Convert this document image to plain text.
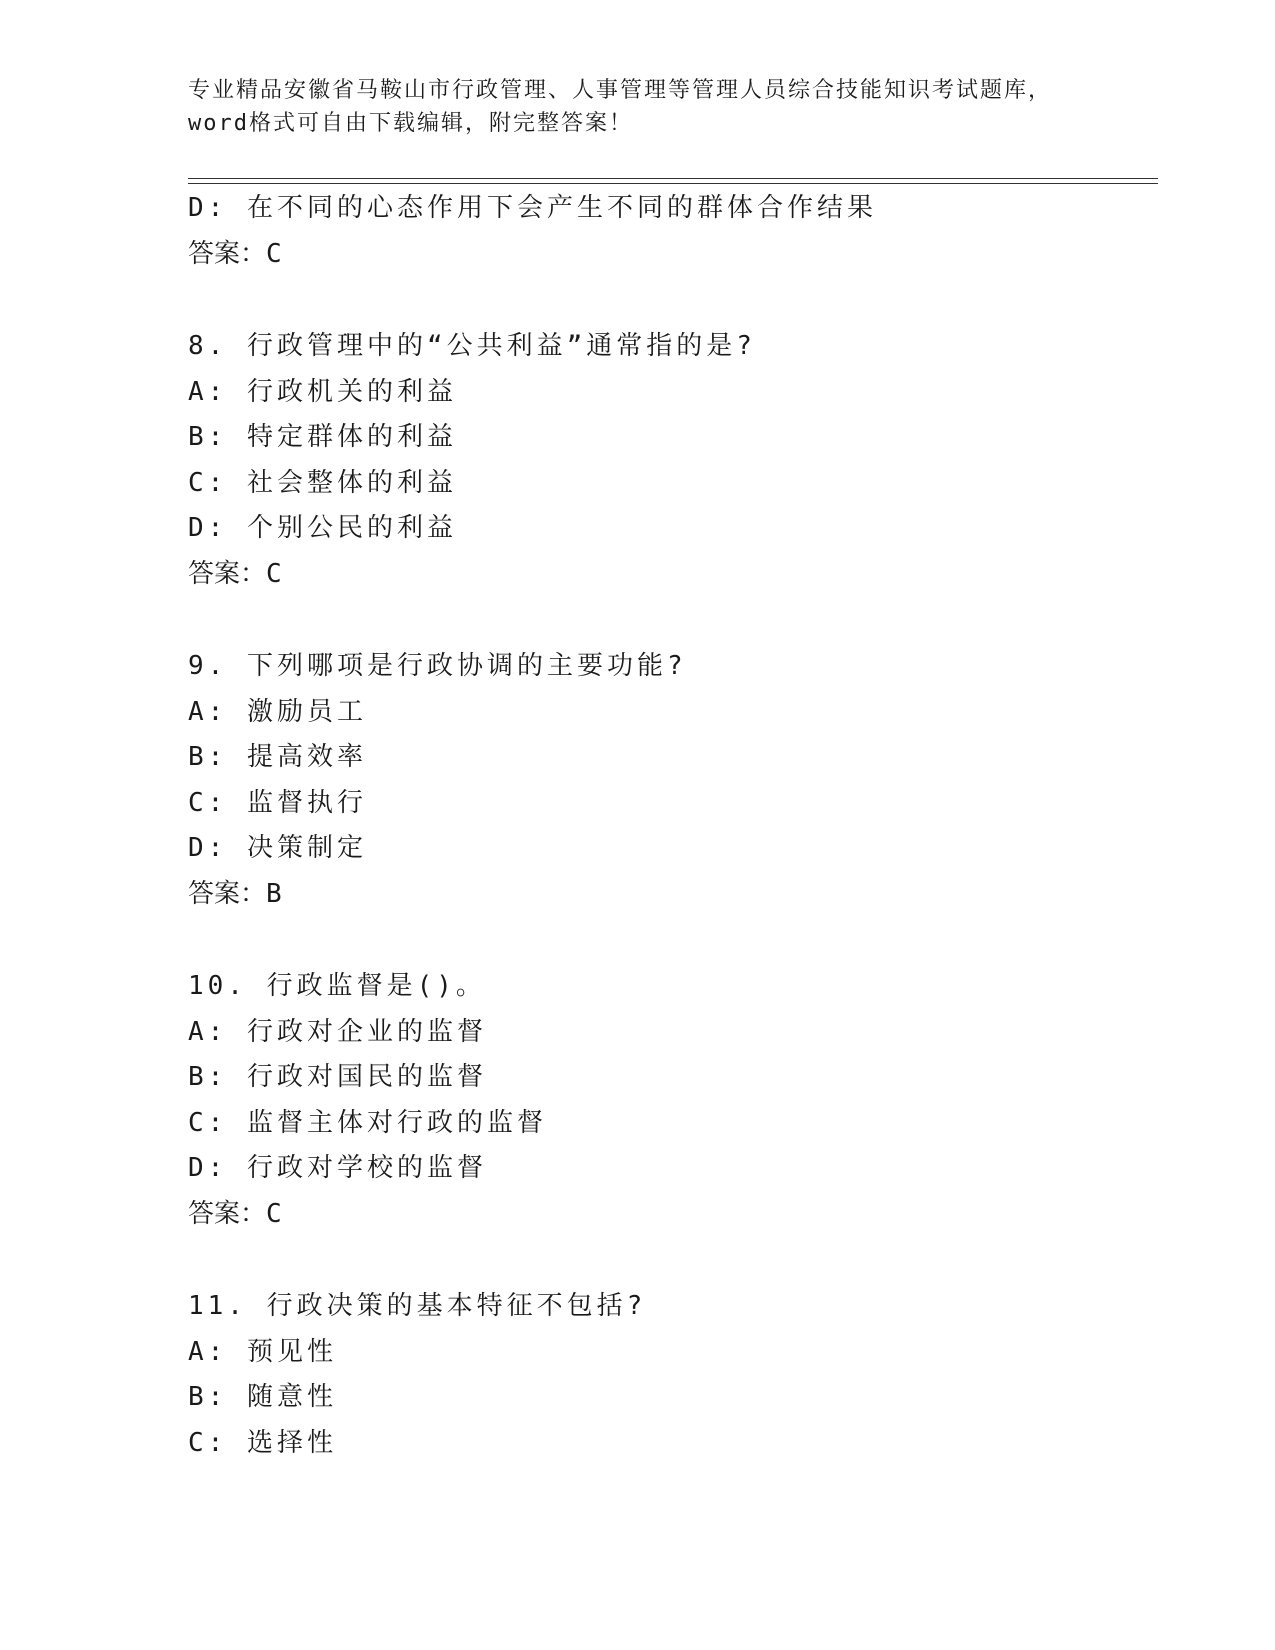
专业精品安徽省马鞍山市行政管理、人事管理等管理人员综合技能知识考试题库，
word格式可自由下载编辑，附完整答案！
D: 在不同的心态作用下会产生不同的群体合作结果
答案：C
8. 行政管理中的“公共利益”通常指的是?
A: 行政机关的利益
B: 特定群体的利益
C: 社会整体的利益
D: 个别公民的利益
答案：C
9. 下列哪项是行政协调的主要功能?
A: 激励员工
B: 提高效率
C: 监督执行
D: 决策制定
答案：B
10. 行政监督是()。
A: 行政对企业的监督
B: 行政对国民的监督
C: 监督主体对行政的监督
D: 行政对学校的监督
答案：C
11. 行政决策的基本特征不包括?
A: 预见性
B: 随意性
C: 选择性
